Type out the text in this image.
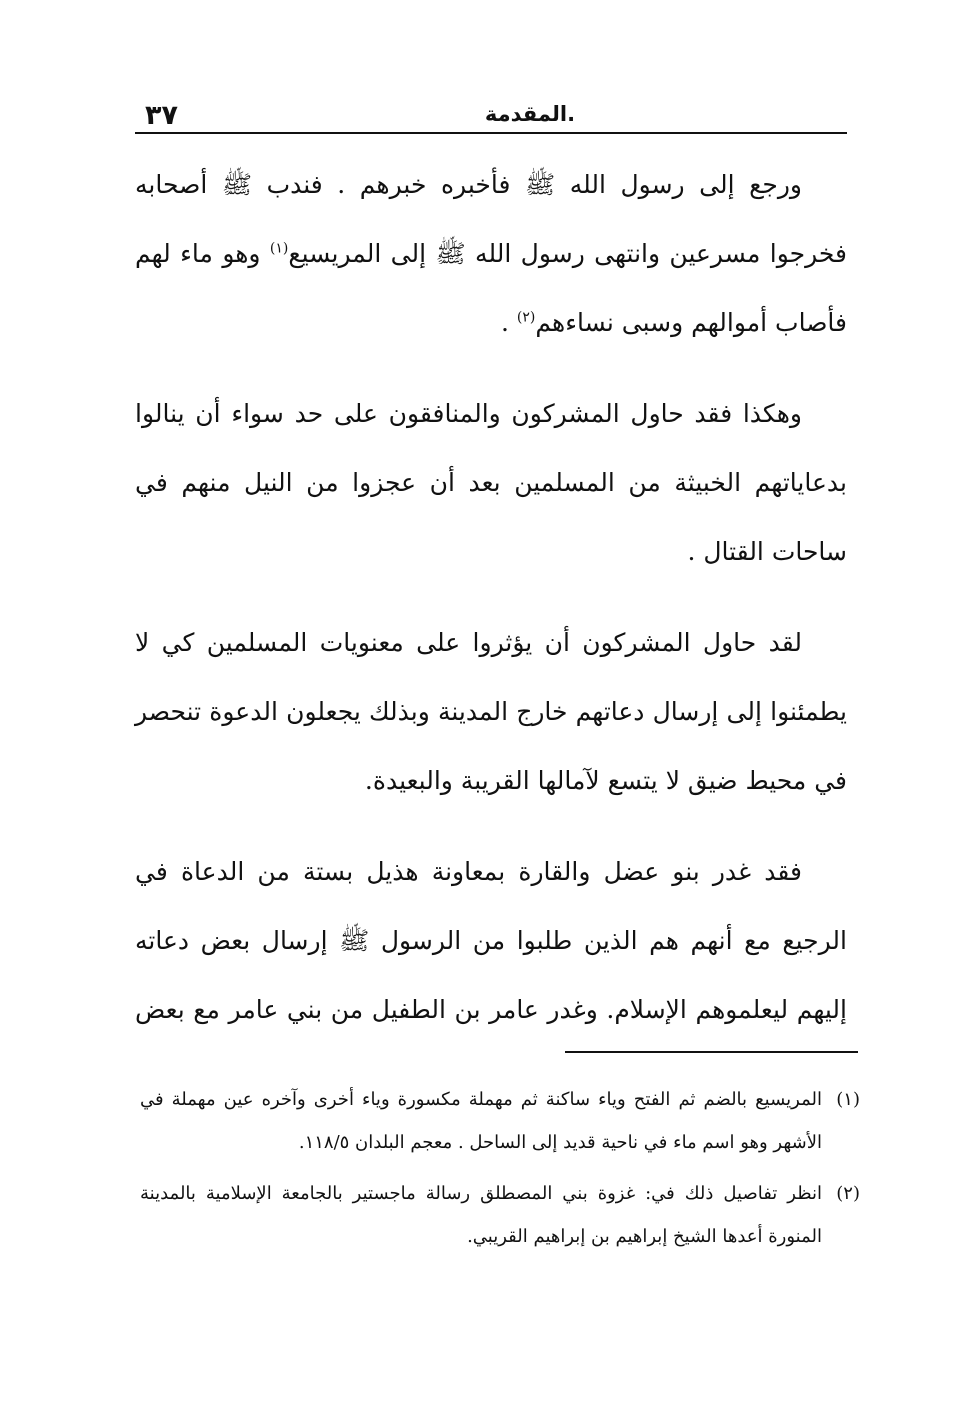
٣٧	المقدمة.

ورجع إلى رسول الله ﷺ فأخبره خبرهم . فندب ﷺ أصحابه فخرجوا مسرعين وانتهى رسول الله ﷺ إلى المريسيع$^{(١)}$ وهو ماء لهم فأصاب أموالهم وسبى نساءهم$^{(٢)}$ .

وهكذا فقد حاول المشركون والمنافقون على حد سواء أن ينالوا بدعاياتهم الخبيثة من المسلمين بعد أن عجزوا من النيل منهم في ساحات القتال .

لقد حاول المشركون أن يؤثروا على معنويات المسلمين كي لا يطمئنوا إلى إرسال دعاتهم خارج المدينة وبذلك يجعلون الدعوة تنحصر في محيط ضيق لا يتسع لآمالها القريبة والبعيدة.

فقد غدر بنو عضل والقارة بمعاونة هذيل بستة من الدعاة في الرجيع مع أنهم هم الذين طلبوا من الرسول ﷺ إرسال بعض دعاته إليهم ليعلموهم الإسلام. وغدر عامر بن الطفيل من بني عامر مع بعض

(١)
المريسيع بالضم ثم الفتح وياء ساكنة ثم مهملة مكسورة وياء أخرى وآخره عين مهملة في الأشهر وهو اسم ماء في ناحية قديد إلى الساحل . معجم البلدان ١١٨/٥.

(٢)
انظر تفاصيل ذلك في: غزوة بني المصطلق رسالة ماجستير بالجامعة الإسلامية بالمدينة المنورة أعدها الشيخ إبراهيم بن إبراهيم القريبي.
